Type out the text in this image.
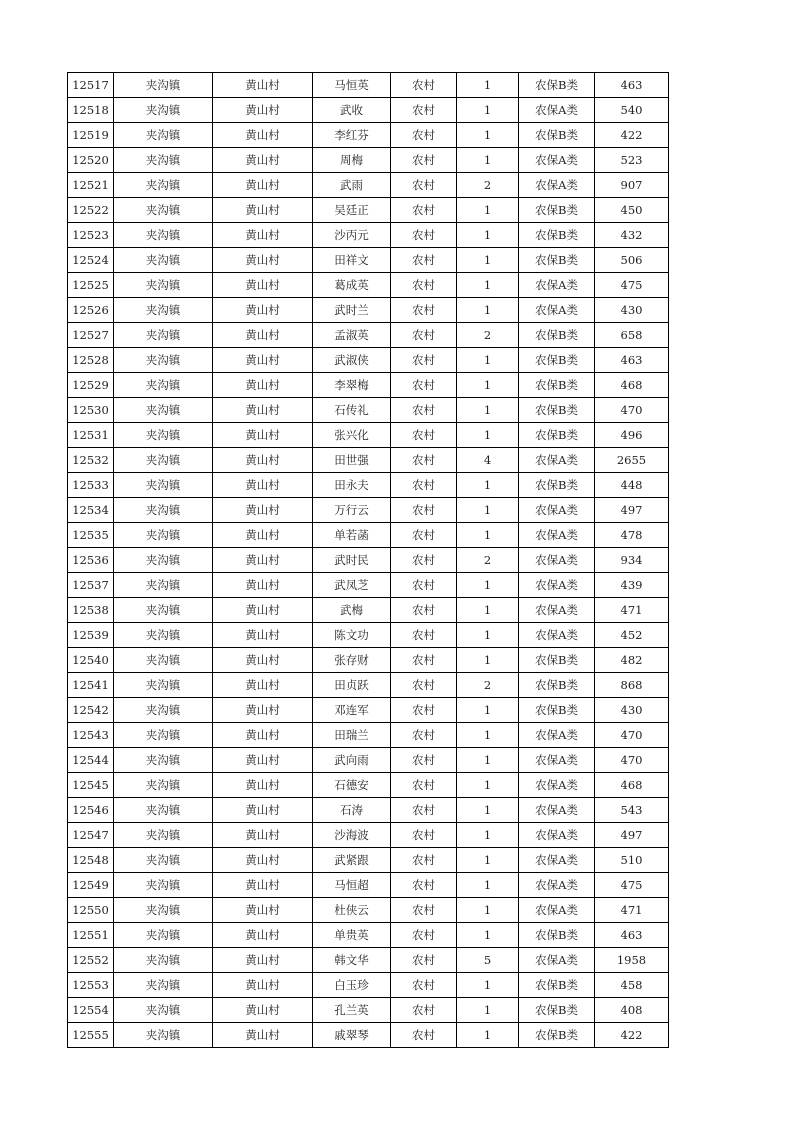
12517	夹沟镇	黄山村	马恒英	农村	1	农保B类	463
12518	夹沟镇	黄山村	武收	农村	1	农保A类	540
12519	夹沟镇	黄山村	李红芬	农村	1	农保B类	422
12520	夹沟镇	黄山村	周梅	农村	1	农保A类	523
12521	夹沟镇	黄山村	武雨	农村	2	农保A类	907
12522	夹沟镇	黄山村	吴廷正	农村	1	农保B类	450
12523	夹沟镇	黄山村	沙丙元	农村	1	农保B类	432
12524	夹沟镇	黄山村	田祥文	农村	1	农保B类	506
12525	夹沟镇	黄山村	葛成英	农村	1	农保A类	475
12526	夹沟镇	黄山村	武时兰	农村	1	农保A类	430
12527	夹沟镇	黄山村	孟淑英	农村	2	农保B类	658
12528	夹沟镇	黄山村	武淑侠	农村	1	农保B类	463
12529	夹沟镇	黄山村	李翠梅	农村	1	农保B类	468
12530	夹沟镇	黄山村	石传礼	农村	1	农保B类	470
12531	夹沟镇	黄山村	张兴化	农村	1	农保B类	496
12532	夹沟镇	黄山村	田世强	农村	4	农保A类	2655
12533	夹沟镇	黄山村	田永夫	农村	1	农保B类	448
12534	夹沟镇	黄山村	万行云	农村	1	农保A类	497
12535	夹沟镇	黄山村	单若菡	农村	1	农保A类	478
12536	夹沟镇	黄山村	武时民	农村	2	农保A类	934
12537	夹沟镇	黄山村	武凤芝	农村	1	农保A类	439
12538	夹沟镇	黄山村	武梅	农村	1	农保A类	471
12539	夹沟镇	黄山村	陈文功	农村	1	农保A类	452
12540	夹沟镇	黄山村	张存财	农村	1	农保B类	482
12541	夹沟镇	黄山村	田贞跃	农村	2	农保B类	868
12542	夹沟镇	黄山村	邓连军	农村	1	农保B类	430
12543	夹沟镇	黄山村	田瑞兰	农村	1	农保A类	470
12544	夹沟镇	黄山村	武向雨	农村	1	农保A类	470
12545	夹沟镇	黄山村	石德安	农村	1	农保A类	468
12546	夹沟镇	黄山村	石涛	农村	1	农保A类	543
12547	夹沟镇	黄山村	沙海波	农村	1	农保A类	497
12548	夹沟镇	黄山村	武紧跟	农村	1	农保A类	510
12549	夹沟镇	黄山村	马恒超	农村	1	农保A类	475
12550	夹沟镇	黄山村	杜侠云	农村	1	农保A类	471
12551	夹沟镇	黄山村	单贵英	农村	1	农保B类	463
12552	夹沟镇	黄山村	韩文华	农村	5	农保A类	1958
12553	夹沟镇	黄山村	白玉珍	农村	1	农保B类	458
12554	夹沟镇	黄山村	孔兰英	农村	1	农保B类	408
12555	夹沟镇	黄山村	戚翠琴	农村	1	农保B类	422
